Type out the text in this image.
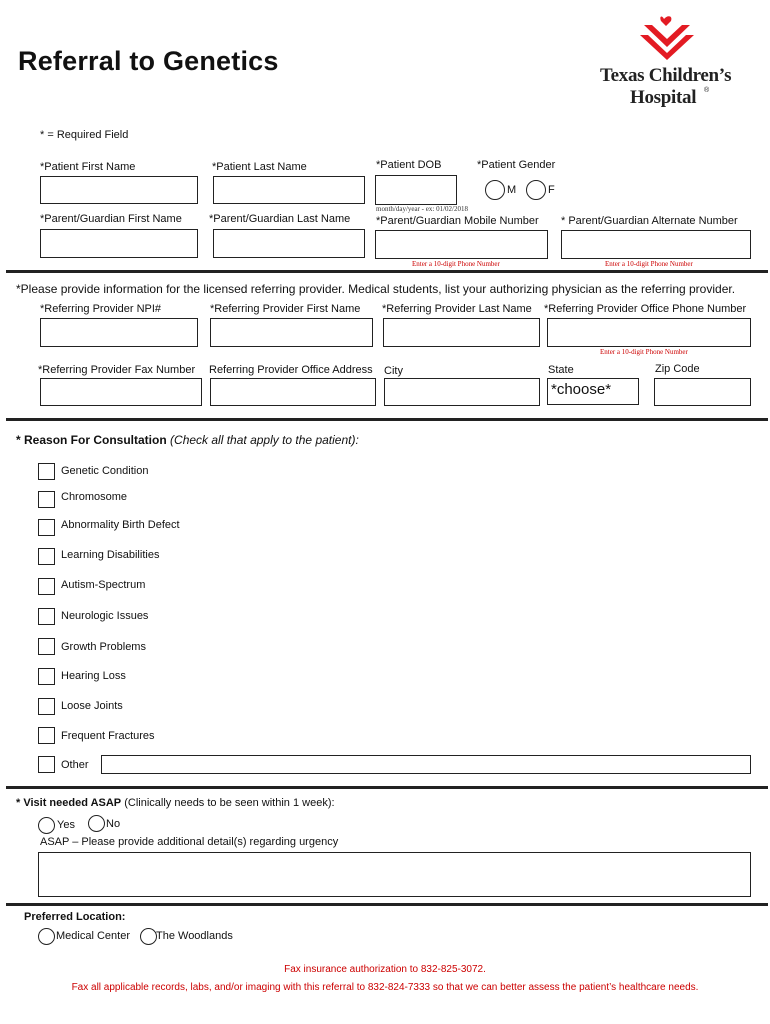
Referral to Genetics	Texas Children’s
Hospital ®
* = Required Field
*Patient First Name	*Patient Last Name	*Patient DOB
month/day/year - ex: 01/02/2018
*Patient Gender
M	F
*Parent/Guardian First Name *Parent/Guardian Last Name *Parent/Guardian Mobile Number
Enter a 10-digit Phone Number
* Parent/Guardian Alternate Number
Enter a 10-digit Phone Number
*Please provide information for the licensed referring provider. Medical students, list your authorizing physician as the referring provider.
*Referring Provider NPI#	*Referring Provider First Name *Referring Provider Last Name *Referring Provider Office Phone Number
Enter a 10-digit Phone Number
*Referring Provider Fax Number Referring Provider Office Address City	State
*choose*
Zip Code
* Reason For Consultation (Check all that apply to the patient):
Genetic Condition
Chromosome
Abnormality Birth Defect
Learning Disabilities
Autism-Spectrum
Neurologic Issues
Growth Problems
Hearing Loss
Loose Joints
Frequent Fractures
Other
* Visit needed ASAP (Clinically needs to be seen within 1 week):
Yes	No
ASAP – Please provide additional detail(s) regarding urgency
Preferred Location:
Medical Center The Woodlands
Fax insurance authorization to 832-825-3072.
Fax all applicable records, labs, and/or imaging with this referral to 832-824-7333 so that we can better assess the patient’s healthcare needs.
